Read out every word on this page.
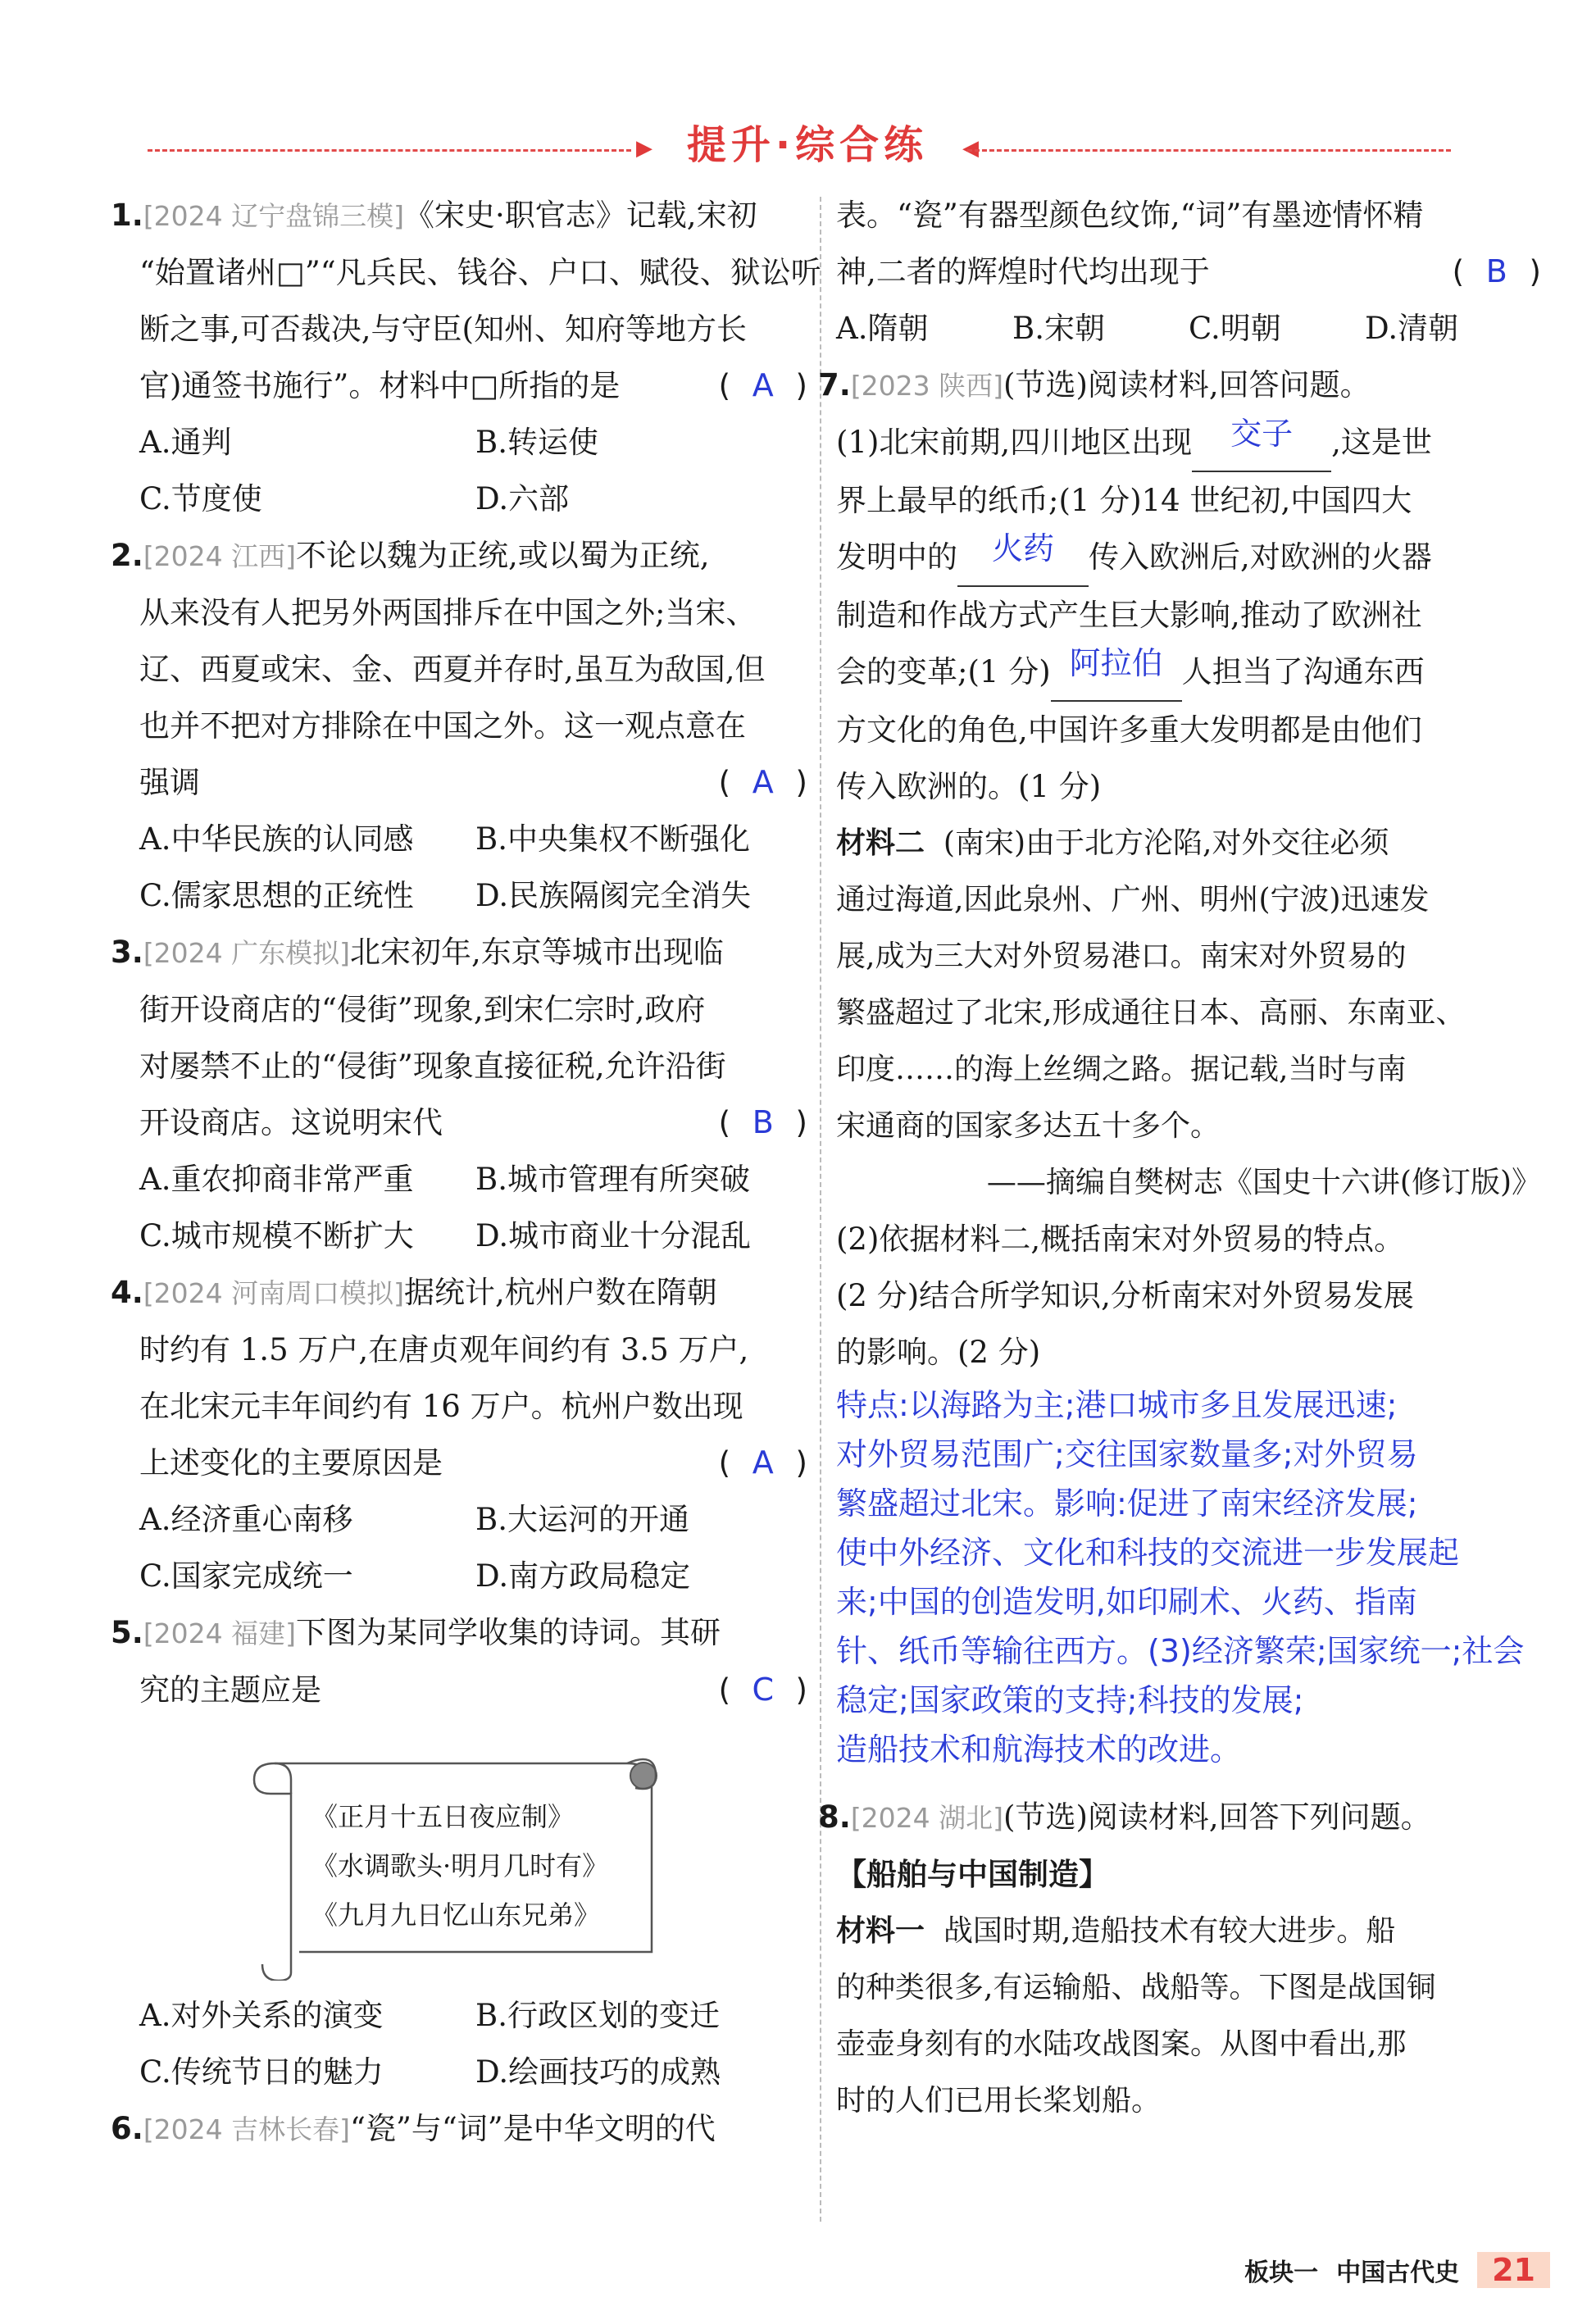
▶ 提升·综合练	◀
1.[2024 辽宁盘锦三模]《宋史·职官志》记载,宋初
“始置诸州□”“凡兵民、钱谷、户口、赋役、狱讼听
断之事,可否裁决,与守臣(知州、知府等地方长
官)通签书施行”。材料中□所指的是	( A )
A.通判	B.转运使
C.节度使	D.六部
2.[2024 江西]不论以魏为正统,或以蜀为正统,
从来没有人把另外两国排斥在中国之外;当宋、
辽、西夏或宋、金、西夏并存时,虽互为敌国,但
也并不把对方排除在中国之外。这一观点意在
强调	( A )
A.中华民族的认同感	B.中央集权不断强化
C.儒家思想的正统性	D.民族隔阂完全消失
3.[2024 广东模拟]北宋初年,东京等城市出现临
街开设商店的“侵街”现象,到宋仁宗时,政府
对屡禁不止的“侵街”现象直接征税,允许沿街
开设商店。这说明宋代	( B )
A.重农抑商非常严重	B.城市管理有所突破
C.城市规模不断扩大	D.城市商业十分混乱
4.[2024 河南周口模拟]据统计,杭州户数在隋朝
时约有 1.5 万户,在唐贞观年间约有 3.5 万户,
在北宋元丰年间约有 16 万户。杭州户数出现
上述变化的主要原因是	( A )
A.经济重心南移	B.大运河的开通
C.国家完成统一	D.南方政局稳定
5.[2024 福建]下图为某同学收集的诗词。其研
究的主题应是	( C )
《正月十五日夜应制》
《水调歌头·明月几时有》
《九月九日忆山东兄弟》
A.对外关系的演变	B.行政区划的变迁
C.传统节日的魅力	D.绘画技巧的成熟
6.[2024 吉林长春]“瓷”与“词”是中华文明的代
表。“瓷”有器型颜色纹饰,“词”有墨迹情怀精
神,二者的辉煌时代均出现于	( B )
A.隋朝	B.宋朝	C.明朝	D.清朝
7.[2023 陕西](节选)阅读材料,回答问题。
(1)北宋前期,四川地区出现 交子 ,这是世
界上最早的纸币;(1 分)14 世纪初,中国四大
发明中的 火药 传入欧洲后,对欧洲的火器
制造和作战方式产生巨大影响,推动了欧洲社
会的变革;(1 分) 阿拉伯 人担当了沟通东西
方文化的角色,中国许多重大发明都是由他们
传入欧洲的。(1 分)
材料二 (南宋)由于北方沦陷,对外交往必须
通过海道,因此泉州、广州、明州(宁波)迅速发
展,成为三大对外贸易港口。南宋对外贸易的
繁盛超过了北宋,形成通往日本、高丽、东南亚、
印度……的海上丝绸之路。据记载,当时与南
宋通商的国家多达五十多个。
——摘编自樊树志《国史十六讲(修订版)》
(2)依据材料二,概括南宋对外贸易的特点。
(2 分)结合所学知识,分析南宋对外贸易发展
的影响。(2 分)
特点:以海路为主;港口城市多且发展迅速;
对外贸易范围广;交往国家数量多;对外贸易
繁盛超过北宋。影响:促进了南宋经济发展;
使中外经济、文化和科技的交流进一步发展起
来;中国的创造发明,如印刷术、火药、指南
针、纸币等输往西方。(3)经济繁荣;国家统一;社会
稳定;国家政策的支持;科技的发展;
造船技术和航海技术的改进。
8.[2024 湖北](节选)阅读材料,回答下列问题。
【船舶与中国制造】
材料一 战国时期,造船技术有较大进步。船
的种类很多,有运输船、战船等。下图是战国铜
壶壶身刻有的水陆攻战图案。从图中看出,那
时的人们已用长桨划船。
板块一 中国古代史	21
